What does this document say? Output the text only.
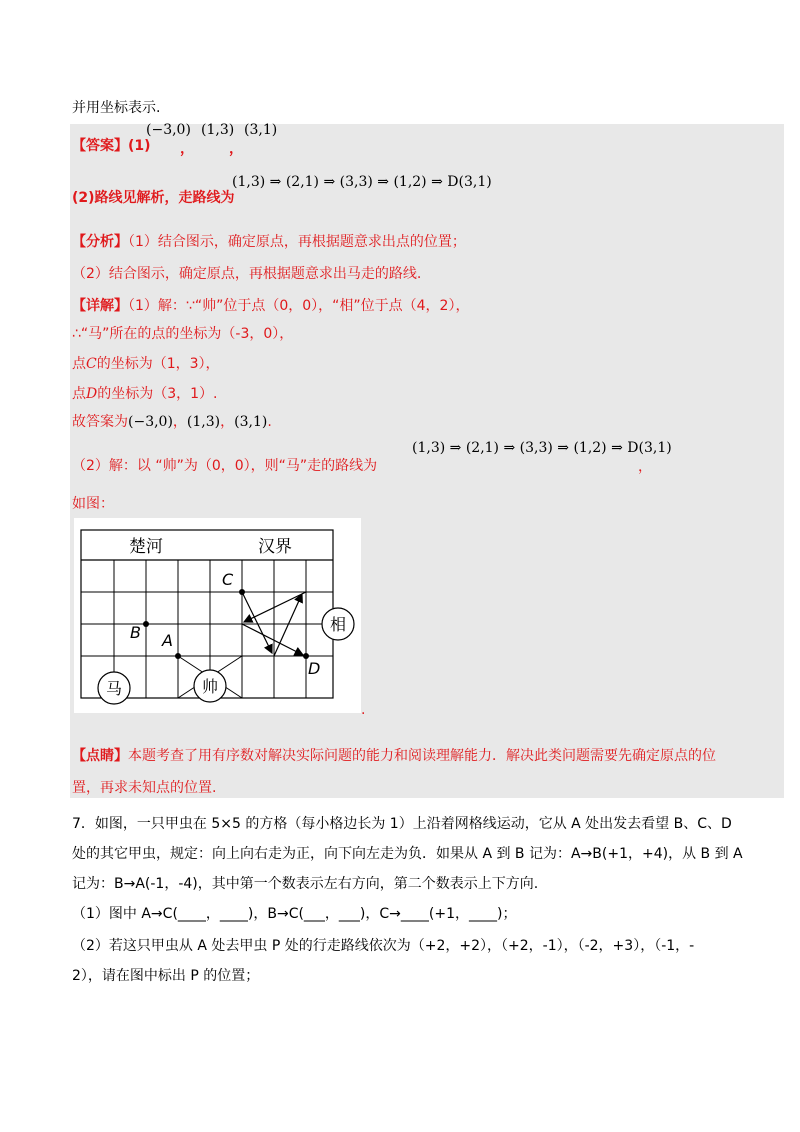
并用坐标表示.
【答案】(1)
(−3,0)
，
(1,3)
，
(3,1)
(2)路线见解析，走路线为
(1,3) ⇒ (2,1) ⇒ (3,3) ⇒ (1,2) ⇒ D(3,1)
【分析】（1）结合图示，确定原点，再根据题意求出点的位置；
（2）结合图示，确定原点，再根据题意求出马走的路线.
【详解】（1）解：∵“帅”位于点（0，0），“相”位于点（4，2），
∴“马”所在的点的坐标为（-3，0），
点C的坐标为（1，3），
点D的坐标为（3，1）.
故答案为(−3,0)，(1,3)，(3,1).
（2）解：以 “帅”为（0，0），则“马”走的路线为
(1,3) ⇒ (2,1) ⇒ (3,3) ⇒ (1,2) ⇒ D(3,1)
，
如图：
楚河	汉界
C
B A
D
马	帅
相
.
【点睛】本题考查了用有序数对解决实际问题的能力和阅读理解能力．解决此类问题需要先确定原点的位
置，再求未知点的位置.
7．如图，一只甲虫在 5×5 的方格（每小格边长为 1）上沿着网格线运动，它从 A 处出发去看望 B、C、D
处的其它甲虫，规定：向上向右走为正，向下向左走为负．如果从 A 到 B 记为：A→B(+1，+4)，从 B 到 A
记为：B→A(-1，-4)，其中第一个数表示左右方向，第二个数表示上下方向.
（1）图中 A→C(____，____)，B→C(___，___)，C→____(+1，____)；
（2）若这只甲虫从 A 处去甲虫 P 处的行走路线依次为（+2，+2），（+2，-1），（-2，+3），（-1，-
2），请在图中标出 P 的位置；
